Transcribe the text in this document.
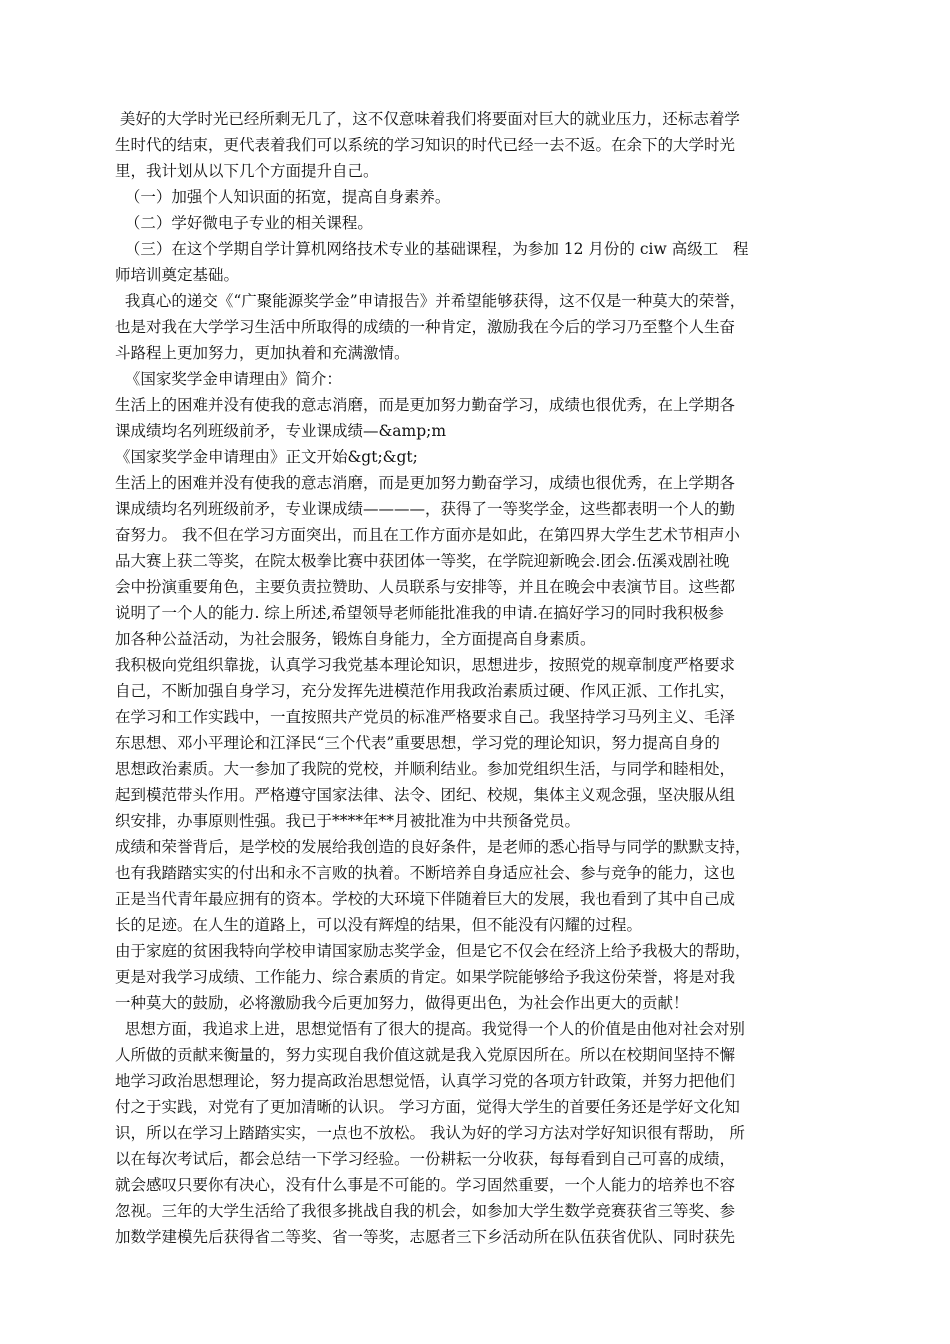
美好的大学时光已经所剩无几了，这不仅意味着我们将要面对巨大的就业压力，还标志着学
生时代的结束，更代表着我们可以系统的学习知识的时代已经一去不返。在余下的大学时光
里，我计划从以下几个方面提升自己。
（一）加强个人知识面的拓宽，提高自身素养。
（二）学好微电子专业的相关课程。
（三）在这个学期自学计算机网络技术专业的基础课程，为参加 12 月份的 ciw 高级工   程
师培训奠定基础。
我真心的递交《“广聚能源奖学金”申请报告》并希望能够获得，这不仅是一种莫大的荣誉，
也是对我在大学学习生活中所取得的成绩的一种肯定，激励我在今后的学习乃至整个人生奋
斗路程上更加努力，更加执着和充满激情。
《国家奖学金申请理由》简介：
生活上的困难并没有使我的意志消磨，而是更加努力勤奋学习，成绩也很优秀，在上学期各
课成绩均名列班级前矛，专业课成绩—&amp;m
《国家奖学金申请理由》正文开始&gt;&gt;
生活上的困难并没有使我的意志消磨，而是更加努力勤奋学习，成绩也很优秀，在上学期各
课成绩均名列班级前矛，专业课成绩————，获得了一等奖学金，这些都表明一个人的勤
奋努力。 我不但在学习方面突出，而且在工作方面亦是如此，在第四界大学生艺术节相声小
品大赛上获二等奖，在院太极拳比赛中获团体一等奖，在学院迎新晚会.团会.伍溪戏剧社晚
会中扮演重要角色，主要负责拉赞助、人员联系与安排等，并且在晚会中表演节目。这些都
说明了一个人的能力. 综上所述,希望领导老师能批准我的申请.在搞好学习的同时我积极参
加各种公益活动，为社会服务，锻炼自身能力，全方面提高自身素质。
我积极向党组织靠拢，认真学习我党基本理论知识，思想进步，按照党的规章制度严格要求
自己，不断加强自身学习，充分发挥先进模范作用我政治素质过硬、作风正派、工作扎实，
在学习和工作实践中，一直按照共产党员的标准严格要求自己。我坚持学习马列主义、毛泽
东思想、邓小平理论和江泽民“三个代表”重要思想，学习党的理论知识，努力提高自身的
思想政治素质。大一参加了我院的党校，并顺利结业。参加党组织生活，与同学和睦相处，
起到模范带头作用。严格遵守国家法律、法令、团纪、校规，集体主义观念强，坚决服从组
织安排，办事原则性强。我已于****年**月被批准为中共预备党员。
成绩和荣誉背后，是学校的发展给我创造的良好条件，是老师的悉心指导与同学的默默支持，
也有我踏踏实实的付出和永不言败的执着。不断培养自身适应社会、参与竞争的能力，这也
正是当代青年最应拥有的资本。学校的大环境下伴随着巨大的发展，我也看到了其中自己成
长的足迹。在人生的道路上，可以没有辉煌的结果，但不能没有闪耀的过程。
由于家庭的贫困我特向学校申请国家励志奖学金，但是它不仅会在经济上给予我极大的帮助，
更是对我学习成绩、工作能力、综合素质的肯定。如果学院能够给予我这份荣誉，将是对我
一种莫大的鼓励，必将激励我今后更加努力，做得更出色，为社会作出更大的贡献！
思想方面，我追求上进，思想觉悟有了很大的提高。我觉得一个人的价值是由他对社会对别
人所做的贡献来衡量的，努力实现自我价值这就是我入党原因所在。所以在校期间坚持不懈
地学习政治思想理论，努力提高政治思想觉悟，认真学习党的各项方针政策，并努力把他们
付之于实践，对党有了更加清晰的认识。 学习方面，觉得大学生的首要任务还是学好文化知
识，所以在学习上踏踏实实，一点也不放松。 我认为好的学习方法对学好知识很有帮助， 所
以在每次考试后，都会总结一下学习经验。一份耕耘一分收获，每每看到自己可喜的成绩，
就会感叹只要你有决心，没有什么事是不可能的。学习固然重要，一个人能力的培养也不容
忽视。三年的大学生活给了我很多挑战自我的机会，如参加大学生数学竞赛获省三等奖、参
加数学建模先后获得省二等奖、省一等奖，志愿者三下乡活动所在队伍获省优队、同时获先
